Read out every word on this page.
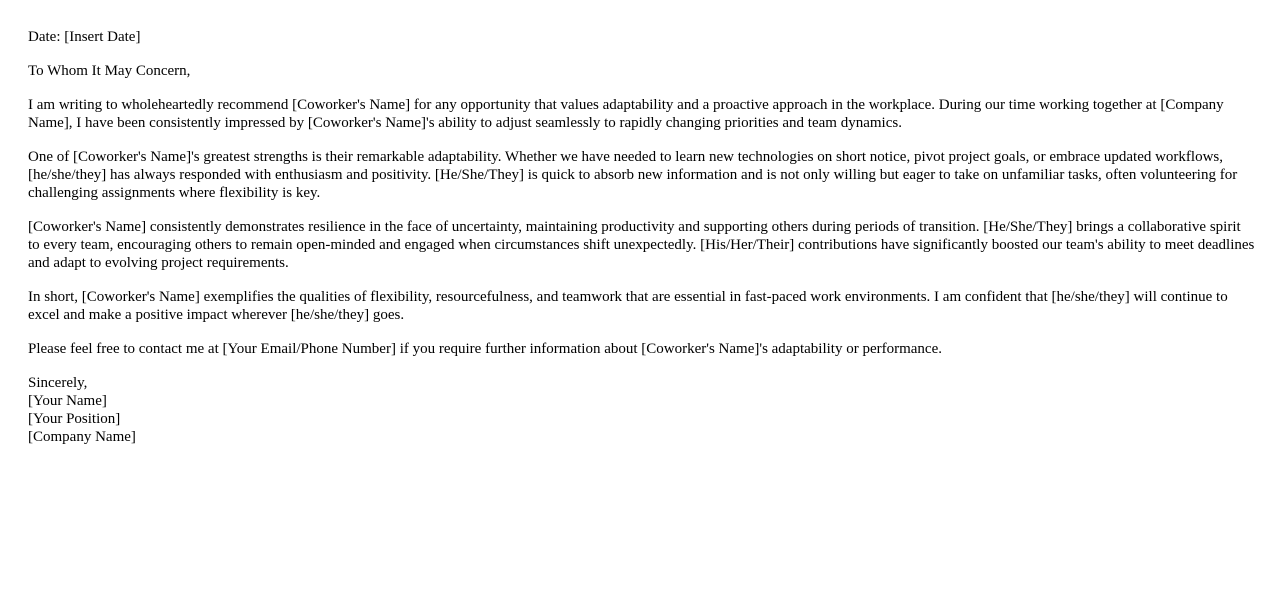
Date: [Insert Date]

To Whom It May Concern,

I am writing to wholeheartedly recommend [Coworker's Name] for any opportunity that values adaptability and a proactive approach in the workplace. During our time working together at [Company Name], I have been consistently impressed by [Coworker's Name]'s ability to adjust seamlessly to rapidly changing priorities and team dynamics.

One of [Coworker's Name]'s greatest strengths is their remarkable adaptability. Whether we have needed to learn new technologies on short notice, pivot project goals, or embrace updated workflows, [he/she/they] has always responded with enthusiasm and positivity. [He/She/They] is quick to absorb new information and is not only willing but eager to take on unfamiliar tasks, often volunteering for challenging assignments where flexibility is key.

[Coworker's Name] consistently demonstrates resilience in the face of uncertainty, maintaining productivity and supporting others during periods of transition. [He/She/They] brings a collaborative spirit to every team, encouraging others to remain open-minded and engaged when circumstances shift unexpectedly. [His/Her/Their] contributions have significantly boosted our team's ability to meet deadlines and adapt to evolving project requirements.

In short, [Coworker's Name] exemplifies the qualities of flexibility, resourcefulness, and teamwork that are essential in fast-paced work environments. I am confident that [he/she/they] will continue to excel and make a positive impact wherever [he/she/they] goes.

Please feel free to contact me at [Your Email/Phone Number] if you require further information about [Coworker's Name]'s adaptability or performance.

Sincerely,
[Your Name]
[Your Position]
[Company Name]
